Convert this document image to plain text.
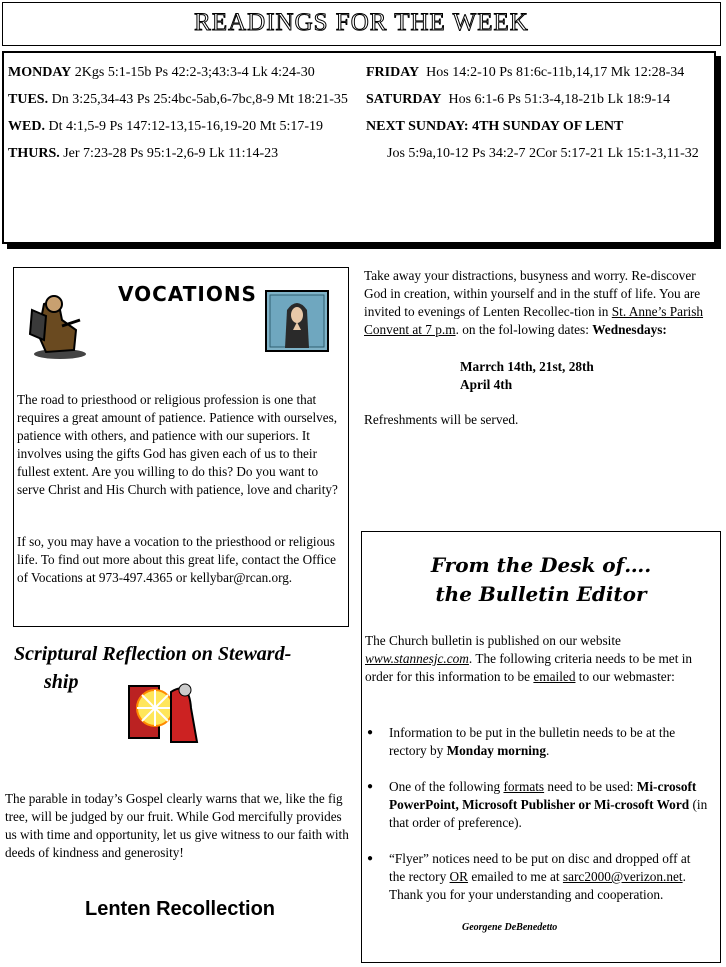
READINGS FOR THE WEEK
MONDAY 2Kgs 5:1-15b Ps 42:2-3;43:3-4 Lk 4:24-30
TUES. Dn 3:25,34-43 Ps 25:4bc-5ab,6-7bc,8-9 Mt 18:21-35
WED. Dt 4:1,5-9 Ps 147:12-13,15-16,19-20 Mt 5:17-19
THURS. Jer 7:23-28 Ps 95:1-2,6-9 Lk 11:14-23
FRIDAY Hos 14:2-10 Ps 81:6c-11b,14,17 Mk 12:28-34
SATURDAY Hos 6:1-6 Ps 51:3-4,18-21b Lk 18:9-14
NEXT SUNDAY: 4TH SUNDAY OF LENT
Jos 5:9a,10-12 Ps 34:2-7 2Cor 5:17-21 Lk 15:1-3,11-32
VOCATIONS
The road to priesthood or religious profession is one that requires a great amount of patience. Patience with ourselves, patience with others, and patience with our superiors. It involves using the gifts God has given each of us to their fullest extent. Are you willing to do this? Do you want to serve Christ and His Church with patience, love and charity?
If so, you may have a vocation to the priesthood or religious life. To find out more about this great life, contact the Office of Vocations at 973-497.4365 or kellybar@rcan.org.
Scriptural Reflection on Steward-
ship
The parable in today’s Gospel clearly warns that we, like the fig tree, will be judged by our fruit. While God mercifully provides us with time and opportunity, let us give witness to our faith with deeds of kindness and generosity!
Lenten Recollection
Take away your distractions, busyness and worry. Re-discover God in creation, within yourself and in the stuff of life. You are invited to evenings of Lenten Recollec-tion in St. Anne’s Parish Convent at 7 p.m. on the fol-lowing dates: Wednesdays:

Marrch 14th, 21st, 28th
April 4th
Refreshments will be served.
From the Desk of….
the Bulletin Editor
The Church bulletin is published on our website www.stannesjc.com. The following criteria needs to be met in order for this information to be emailed to our webmaster:
● Information to be put in the bulletin needs to be at the rectory by Monday morning.
● One of the following formats need to be used: Mi-crosoft PowerPoint, Microsoft Publisher or Mi-crosoft Word (in that order of preference).
● “Flyer” notices need to be put on disc and dropped off at the rectory OR emailed to me at sarc2000@verizon.net.
Thank you for your understanding and cooperation.
Georgene DeBenedetto
